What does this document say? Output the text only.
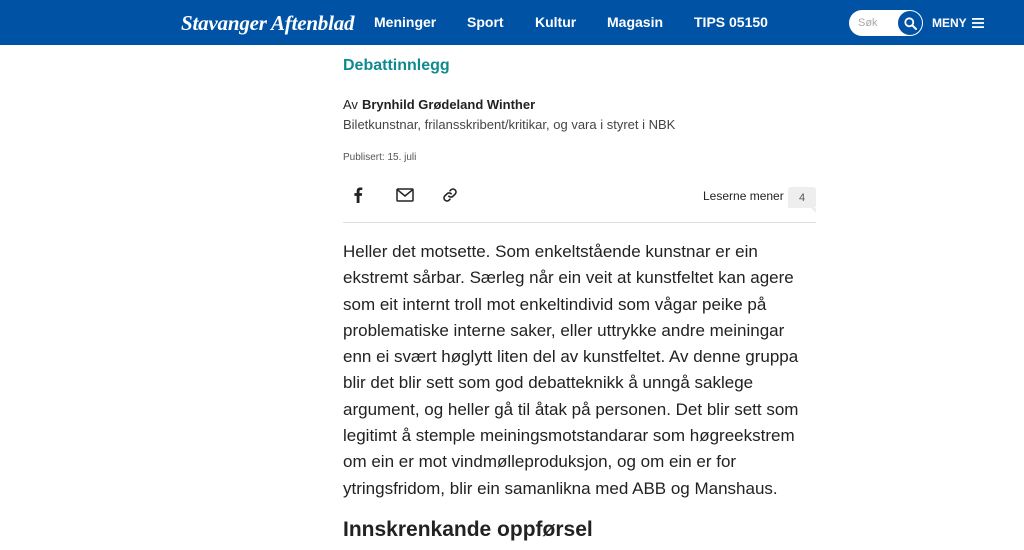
Stavanger Aftenblad Meninger Sport Kultur Magasin TIPS 05150
Søk	MENY
Debattinnlegg
Av Brynhild Grødeland Winther
Biletkunstnar, frilansskribent/kritikar, og vara i styret i NBK
Publisert: 15. juli
Leserne mener	4
Heller det motsette. Som enkeltstående kunstnar er ein
ekstremt sårbar. Særleg når ein veit at kunstfeltet kan agere
som eit internt troll mot enkeltindivid som vågar peike på
problematiske interne saker, eller uttrykke andre meiningar
enn ei svært høglytt liten del av kunstfeltet. Av denne gruppa
blir det blir sett som god debatteknikk å unngå saklege
argument, og heller gå til åtak på personen. Det blir sett som
legitimt å stemple meiningsmotstandarar som høgreekstrem
om ein er mot vindmølleproduksjon, og om ein er for
ytringsfridom, blir ein samanlikna med ABB og Manshaus.
Innskrenkande oppførsel
